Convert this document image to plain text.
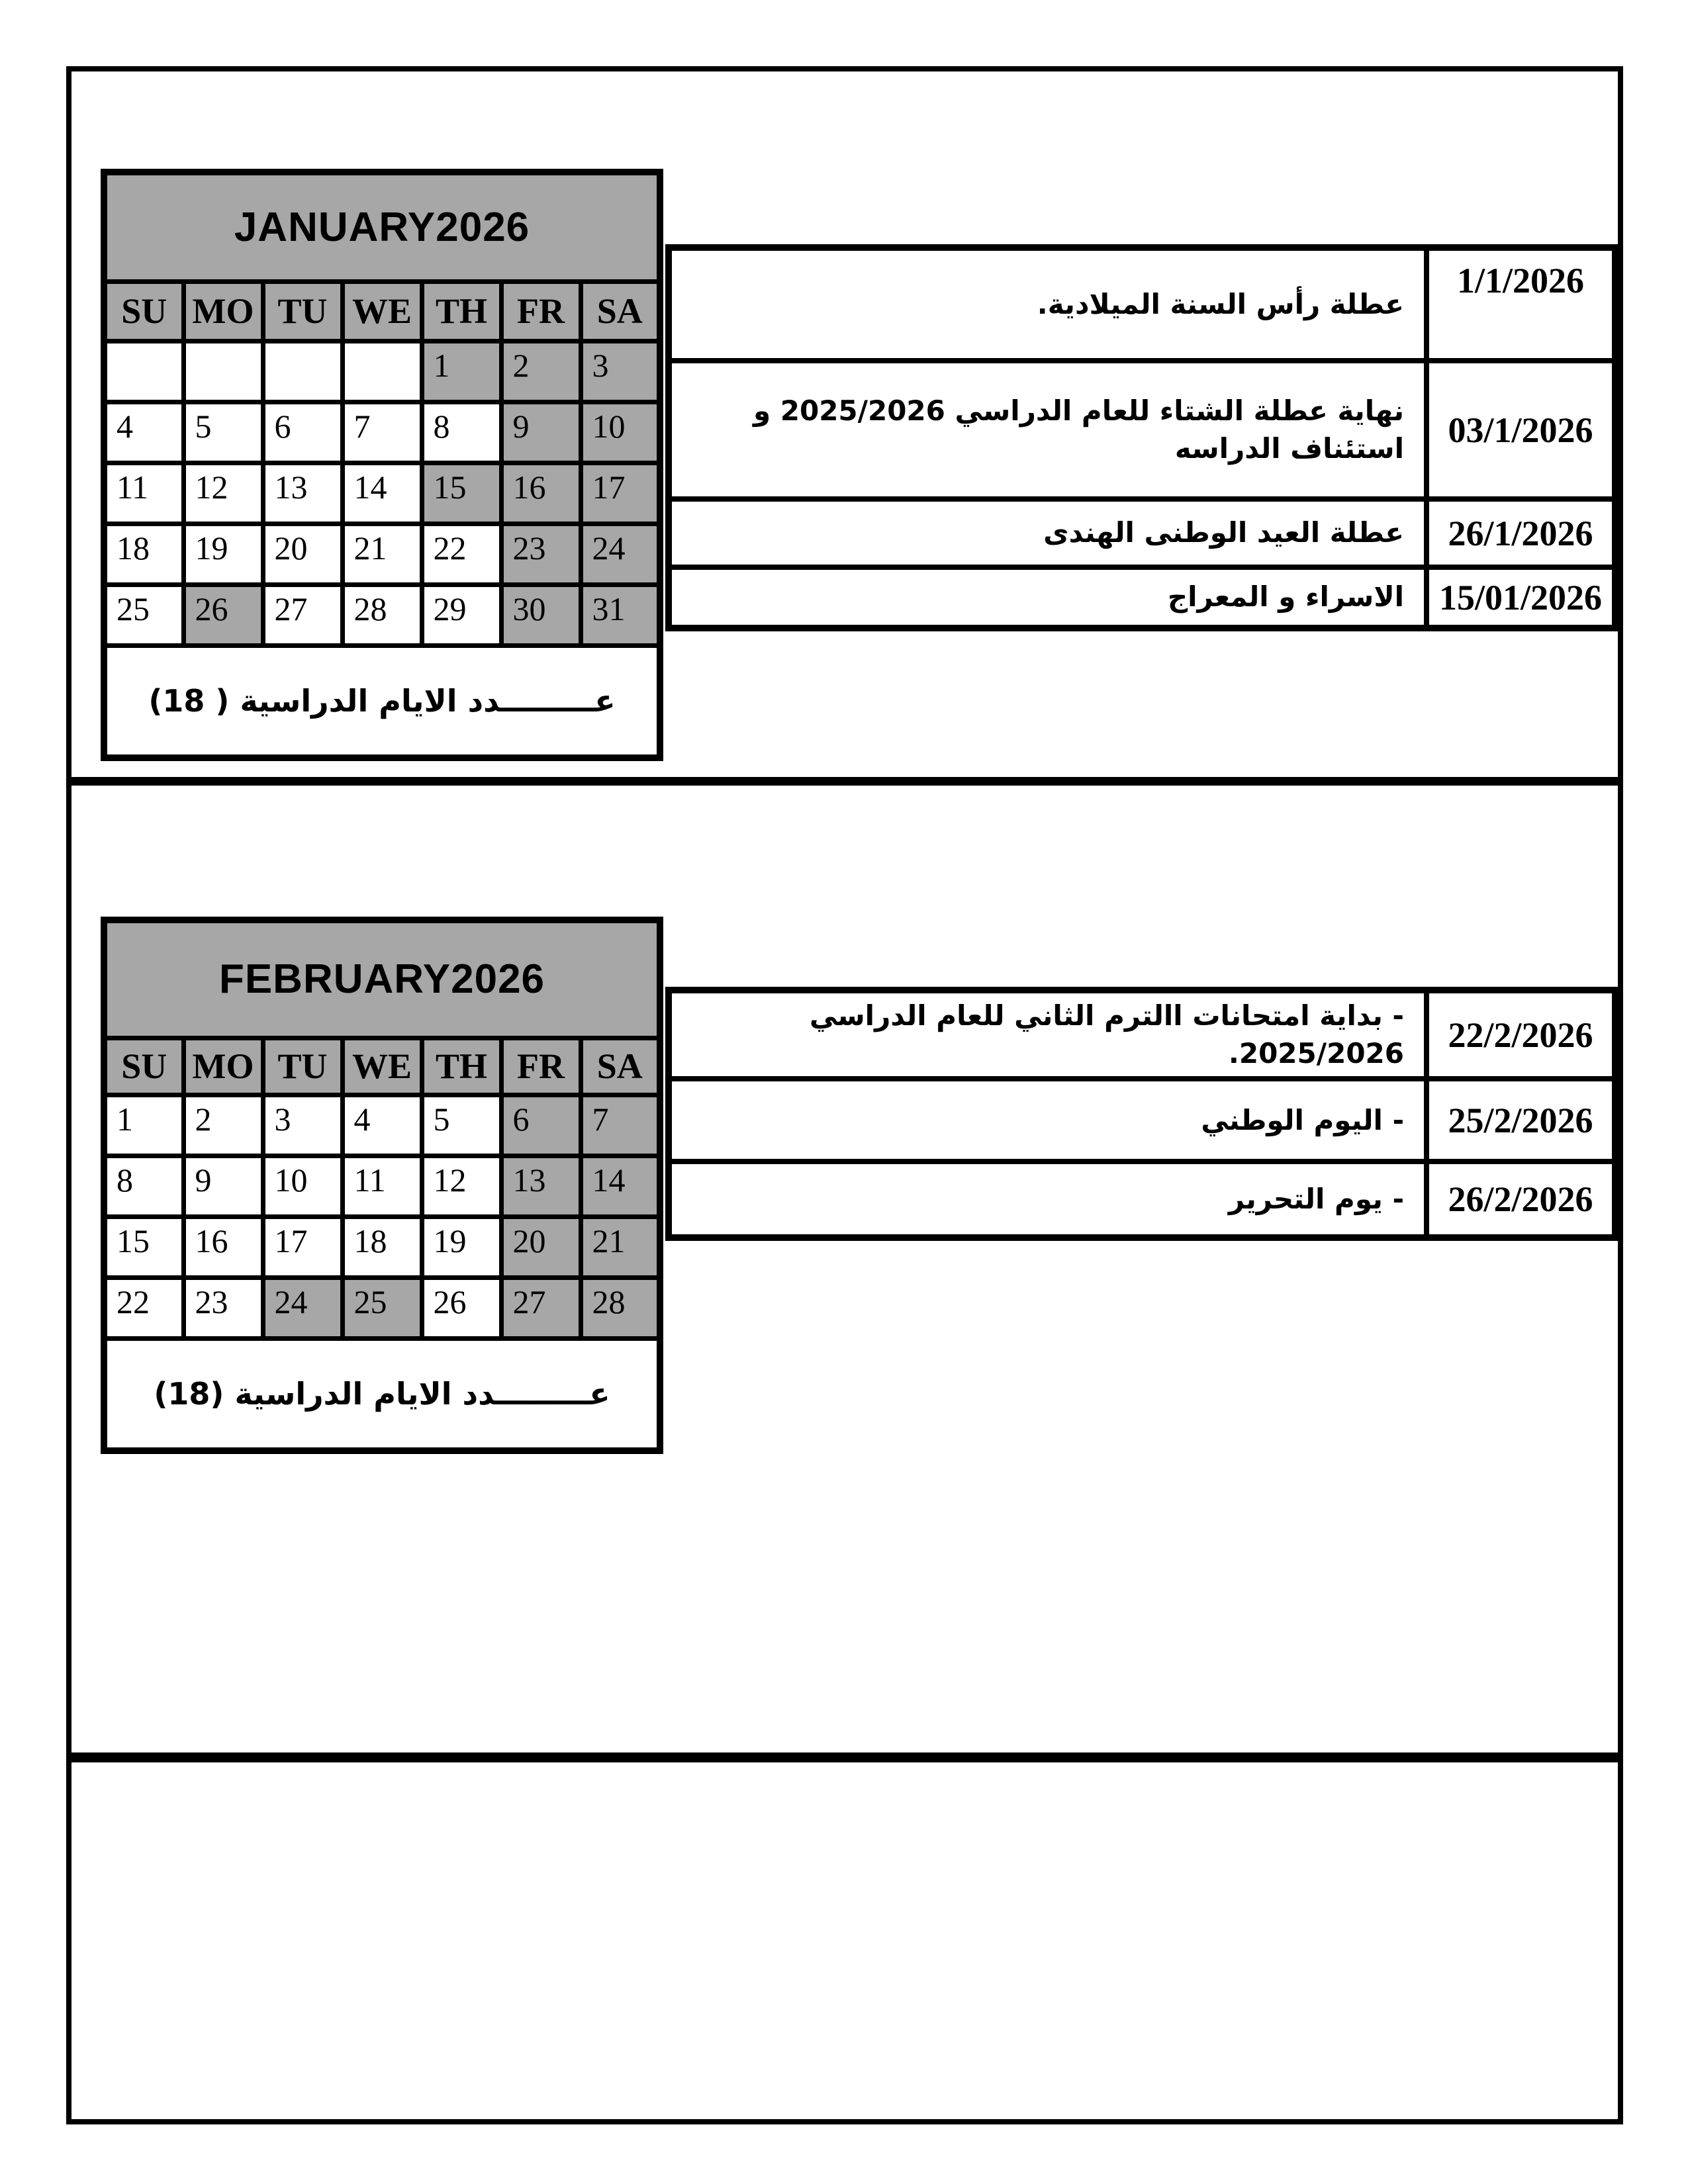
JANUARY2026						
SU	MO	TU	WE	TH	FR	SA
				1	2	3
4	5	6	7	8	9	10
11	12	13	14	15	16	17
18	19	20	21	22	23	24
25	26	27	28	29	30	31
عـــــــــدد الايام الدراسية ( 18)						
عطلة رأس السنة الميلادية.	1/1/2026
نهاية عطلة الشتاء للعام الدراسي 2025/2026 و استئناف الدراسه	03/1/2026
عطلة العيد الوطنى الهندى	26/1/2026
الاسراء و المعراج	15/01/2026
FEBRUARY2026						
SU	MO	TU	WE	TH	FR	SA
1	2	3	4	5	6	7
8	9	10	11	12	13	14
15	16	17	18	19	20	21
22	23	24	25	26	27	28
عـــــــــدد الايام الدراسية (18)						
- بداية امتحانات االترم الثاني للعام الدراسي 2025/2026.	22/2/2026
- اليوم الوطني	25/2/2026
- يوم التحرير	26/2/2026
